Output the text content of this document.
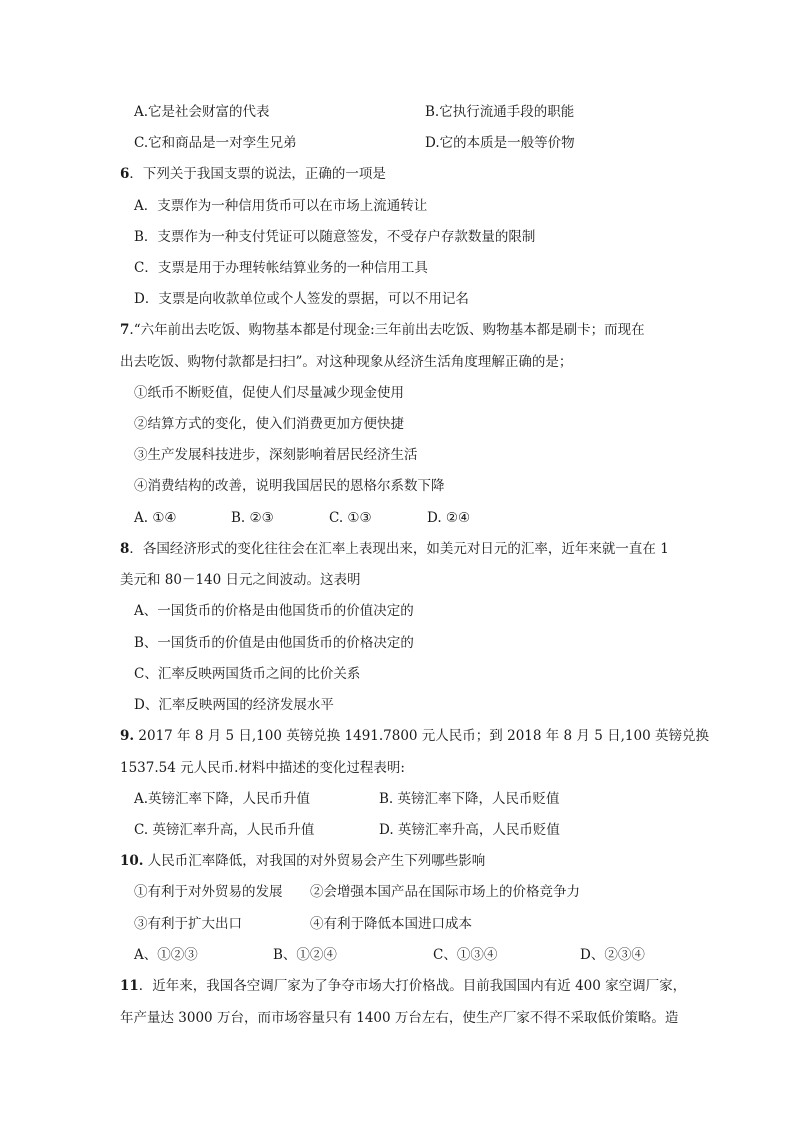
A.它是社会财富的代表	B.它执行流通手段的职能
C.它和商品是一对孪生兄弟	D.它的本质是一般等价物
6．下列关于我国支票的说法，正确的一项是
A．支票作为一种信用货币可以在市场上流通转让
B．支票作为一种支付凭证可以随意签发，不受存户存款数量的限制
C．支票是用于办理转帐结算业务的一种信用工具
D．支票是向收款单位或个人签发的票据，可以不用记名
7.“六年前出去吃饭、购物基本都是付现金:三年前出去吃饭、购物基本都是刷卡；而现在
出去吃饭、购物付款都是扫扫”。对这种现象从经济生活角度理解正确的是；
①纸币不断贬值，促使人们尽量减少现金使用
②结算方式的变化，使入们消费更加方便快捷
③生产发展科技进步，深刻影响着居民经济生活
④消费结构的改善，说明我国居民的恩格尔系数下降
A. ①④	B. ②③	C. ①③	D. ②④
8．各国经济形式的变化往往会在汇率上表现出来，如美元对日元的汇率，近年来就一直在 1
美元和 80－140 日元之间波动。这表明
A、一国货币的价格是由他国货币的价值决定的
B、一国货币的价值是由他国货币的价格决定的
C、汇率反映两国货币之间的比价关系
D、汇率反映两国的经济发展水平
9. 2017 年 8 月 5 日,100 英镑兑换 1491.7800 元人民币；到 2018 年 8 月 5 日,100 英镑兑换
1537.54 元人民币.材料中描述的变化过程表明:
A.英镑汇率下降，人民币升值	B. 英镑汇率下降，人民币贬值
C. 英镑汇率升高，人民币升值	D. 英镑汇率升高，人民币贬值
10. 人民币汇率降低，对我国的对外贸易会产生下列哪些影响
①有利于对外贸易的发展 ②会增强本国产品在国际市场上的价格竞争力
③有利于扩大出口	④有利于降低本国进口成本
A、①②③	B、①②④	C、①③④	D、②③④
11．近年来，我国各空调厂家为了争夺市场大打价格战。目前我国国内有近 400 家空调厂家，
年产量达 3000 万台，而市场容量只有 1400 万台左右，使生产厂家不得不采取低价策略。造
